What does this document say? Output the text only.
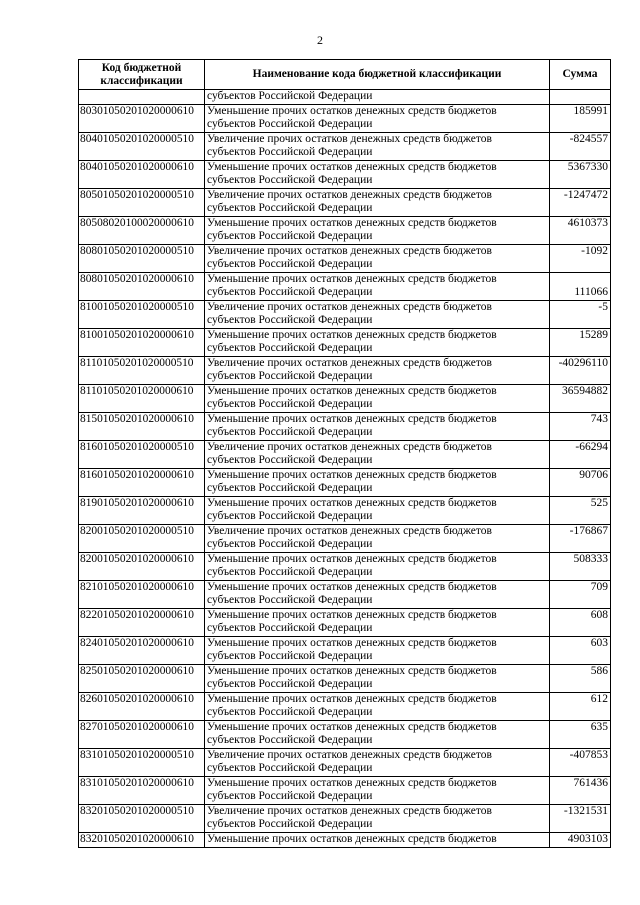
2
Код бюджетной классификации	Наименование кода бюджетной классификации	Сумма
	субъектов Российской Федерации	
80301050201020000610	Уменьшение прочих остатков денежных средств бюджетов
субъектов Российской Федерации	185991
80401050201020000510	Увеличение прочих остатков денежных средств бюджетов
субъектов Российской Федерации	-824557
80401050201020000610	Уменьшение прочих остатков денежных средств бюджетов
субъектов Российской Федерации	5367330
80501050201020000510	Увеличение прочих остатков денежных средств бюджетов
субъектов Российской Федерации	-1247472
80508020100020000610	Уменьшение прочих остатков денежных средств бюджетов
субъектов Российской Федерации	4610373
80801050201020000510	Увеличение прочих остатков денежных средств бюджетов
субъектов Российской Федерации	-1092
80801050201020000610	Уменьшение прочих остатков денежных средств бюджетов
субъектов Российской Федерации	111066
81001050201020000510	Увеличение прочих остатков денежных средств бюджетов
субъектов Российской Федерации	-5
81001050201020000610	Уменьшение прочих остатков денежных средств бюджетов
субъектов Российской Федерации	15289
81101050201020000510	Увеличение прочих остатков денежных средств бюджетов
субъектов Российской Федерации	-40296110
81101050201020000610	Уменьшение прочих остатков денежных средств бюджетов
субъектов Российской Федерации	36594882
81501050201020000610	Уменьшение прочих остатков денежных средств бюджетов
субъектов Российской Федерации	743
81601050201020000510	Увеличение прочих остатков денежных средств бюджетов
субъектов Российской Федерации	-66294
81601050201020000610	Уменьшение прочих остатков денежных средств бюджетов
субъектов Российской Федерации	90706
81901050201020000610	Уменьшение прочих остатков денежных средств бюджетов
субъектов Российской Федерации	525
82001050201020000510	Увеличение прочих остатков денежных средств бюджетов
субъектов Российской Федерации	-176867
82001050201020000610	Уменьшение прочих остатков денежных средств бюджетов
субъектов Российской Федерации	508333
82101050201020000610	Уменьшение прочих остатков денежных средств бюджетов
субъектов Российской Федерации	709
82201050201020000610	Уменьшение прочих остатков денежных средств бюджетов
субъектов Российской Федерации	608
82401050201020000610	Уменьшение прочих остатков денежных средств бюджетов
субъектов Российской Федерации	603
82501050201020000610	Уменьшение прочих остатков денежных средств бюджетов
субъектов Российской Федерации	586
82601050201020000610	Уменьшение прочих остатков денежных средств бюджетов
субъектов Российской Федерации	612
82701050201020000610	Уменьшение прочих остатков денежных средств бюджетов
субъектов Российской Федерации	635
83101050201020000510	Увеличение прочих остатков денежных средств бюджетов
субъектов Российской Федерации	-407853
83101050201020000610	Уменьшение прочих остатков денежных средств бюджетов
субъектов Российской Федерации	761436
83201050201020000510	Увеличение прочих остатков денежных средств бюджетов
субъектов Российской Федерации	-1321531
83201050201020000610	Уменьшение прочих остатков денежных средств бюджетов	4903103
